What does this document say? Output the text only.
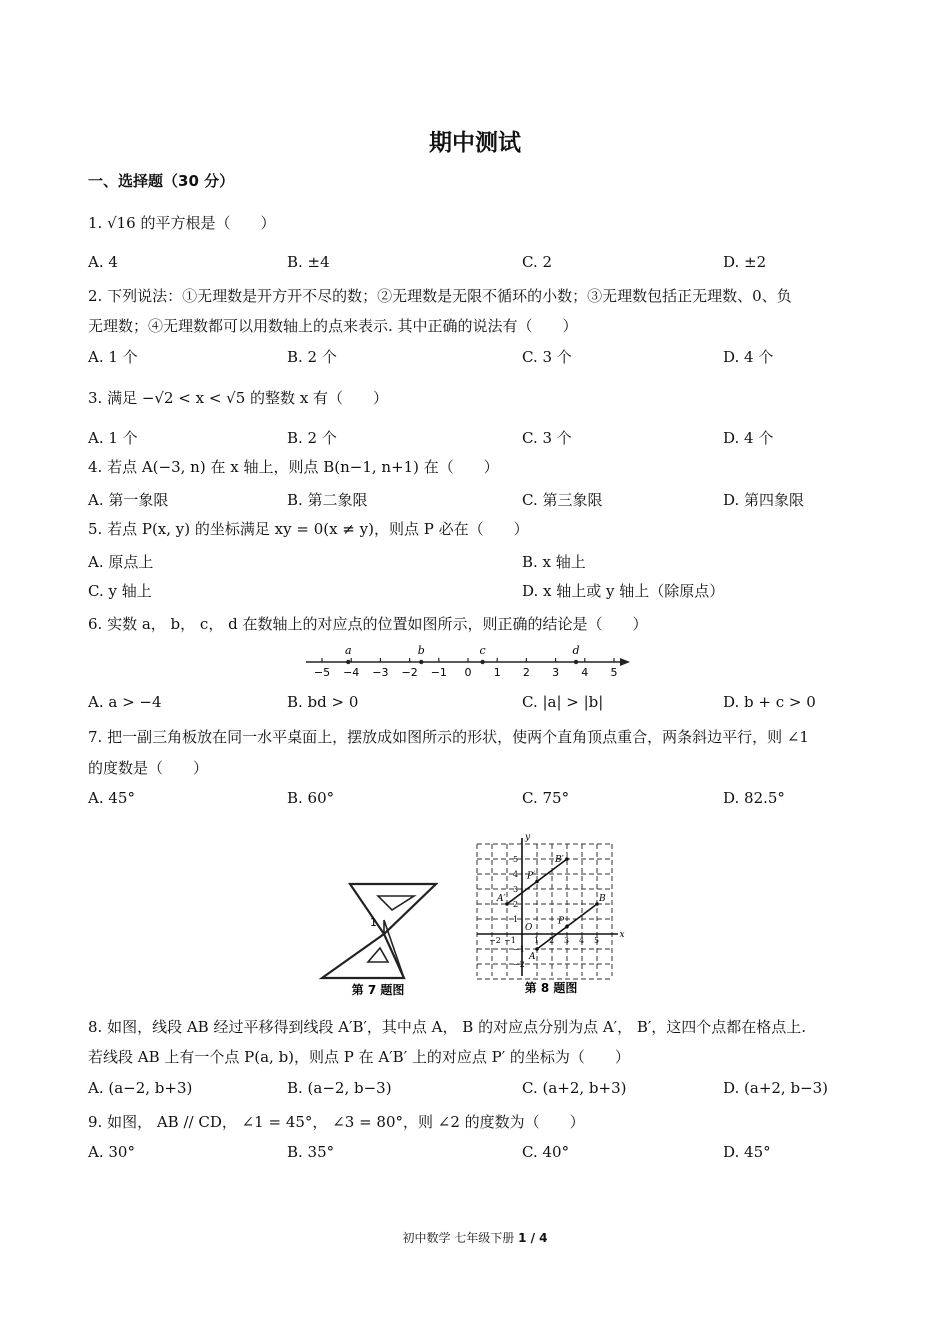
期中测试
一、选择题（30 分）
1. √16 的平方根是（　　）
A. 4	B. ±4	C. 2	D. ±2
2. 下列说法：①无理数是开方开不尽的数；②无理数是无限不循环的小数；③无理数包括正无理数、0、负
无理数；④无理数都可以用数轴上的点来表示. 其中正确的说法有（　　）
A. 1 个	B. 2 个	C. 3 个	D. 4 个
3. 满足 −√2 < x < √5 的整数 x 有（　　）
A. 1 个	B. 2 个	C. 3 个	D. 4 个
4. 若点 A(−3, n) 在 x 轴上，则点 B(n−1, n+1) 在（　　）
A. 第一象限	B. 第二象限	C. 第三象限	D. 第四象限
5. 若点 P(x, y) 的坐标满足 xy = 0(x ≠ y)，则点 P 必在（　　）
A. 原点上	B. x 轴上
C. y 轴上	D. x 轴上或 y 轴上（除原点）
6. 实数 a， b， c， d 在数轴上的对应点的位置如图所示，则正确的结论是（　　）
−5 −4 −3 −2 −1 0 1 2 3 4 5
a	b	c	d
A. a > −4	B. bd > 0	C. |a| > |b|	D. b + c > 0
7. 把一副三角板放在同一水平桌面上，摆放成如图所示的形状，使两个直角顶点重合，两条斜边平行，则 ∠1
的度数是（　　）
A. 45°	B. 60°	C. 75°	D. 82.5°
1
第 7 题图
x
y
O
−2 −1 1 2 3 4 5
5
4
3
2
1
−1
−2
A
B
P
A′
B′
P′
第 8 题图
8. 如图，线段 AB 经过平移得到线段 A′B′，其中点 A， B 的对应点分别为点 A′， B′，这四个点都在格点上.
若线段 AB 上有一个点 P(a, b)，则点 P 在 A′B′ 上的对应点 P′ 的坐标为（　　）
A. (a−2, b+3)	B. (a−2, b−3)	C. (a+2, b+3)	D. (a+2, b−3)
9. 如图， AB // CD， ∠1 = 45°， ∠3 = 80°，则 ∠2 的度数为（　　）
A. 30°	B. 35°	C. 40°	D. 45°
初中数学 七年级下册 1 / 4
